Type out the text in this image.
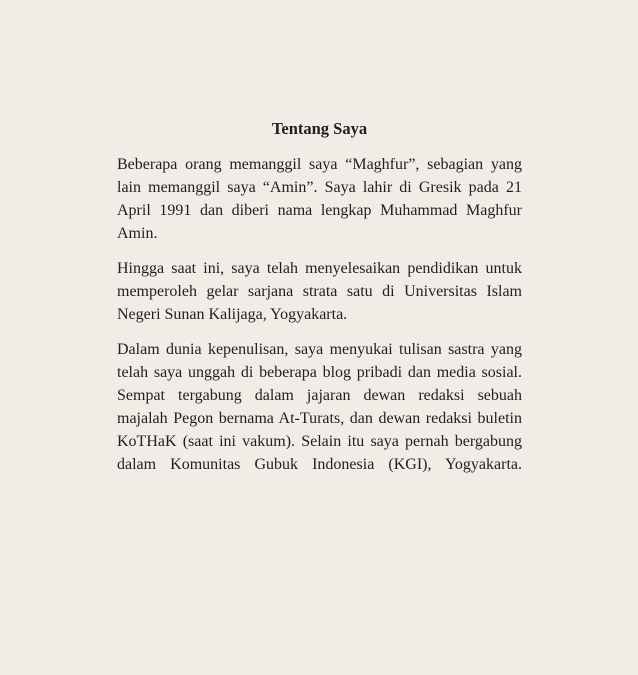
Tentang Saya

Beberapa orang memanggil saya “Maghfur”, sebagian yang lain memanggil saya “Amin”. Saya lahir di Gresik pada 21 April 1991 dan diberi nama lengkap Muhammad Maghfur Amin.

Hingga saat ini, saya telah menyelesaikan pendidikan untuk memperoleh gelar sarjana strata satu di Universitas Islam Negeri Sunan Kalijaga, Yogyakarta.

Dalam dunia kepenulisan, saya menyukai tulisan sastra yang telah saya unggah di beberapa blog pribadi dan media sosial. Sempat tergabung dalam jajaran dewan redaksi sebuah majalah Pegon bernama At-Turats, dan dewan redaksi buletin KoTHaK (saat ini vakum). Selain itu saya pernah bergabung dalam Komunitas Gubuk Indonesia (KGI), Yogyakarta.
